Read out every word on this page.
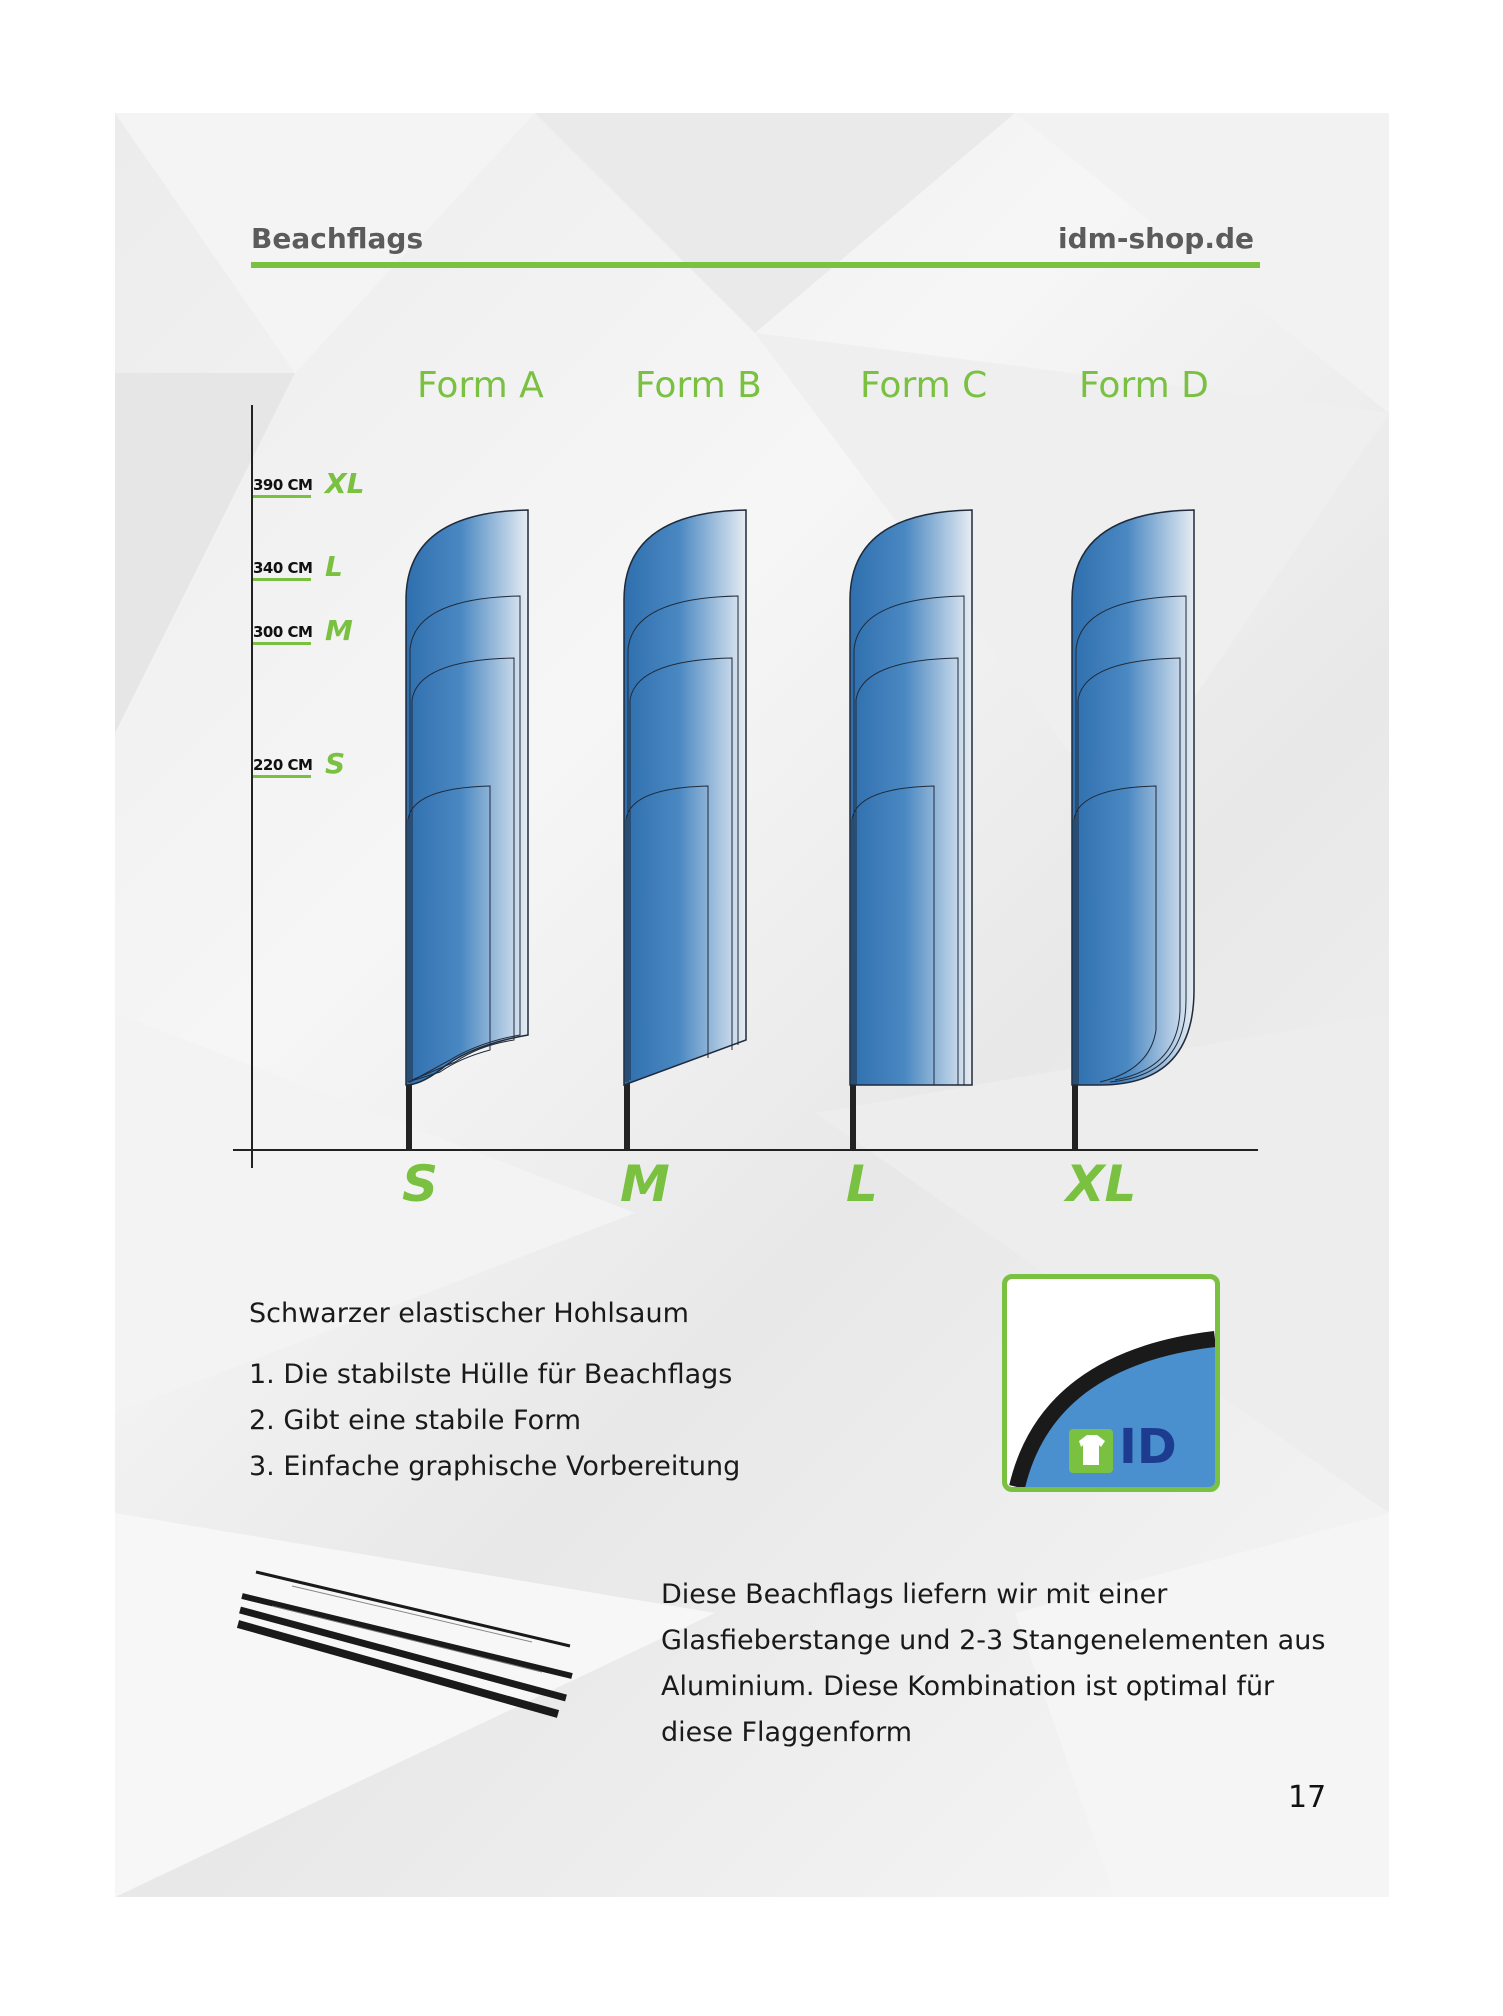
Beachflags	idm-shop.de
Form A	Form B	Form C	Form D
390 CM XL
340 CM L
300 CM M
220 CM S
S	M	L	XL
Schwarzer elastischer Hohlsaum
1. Die stabilste Hülle für Beachflags
2. Gibt eine stabile Form
3. Einfache graphische Vorbereitung	ID
Diese Beachflags liefern wir mit einer Glasfieberstange und 2-3 Stangenelementen aus Aluminium. Diese Kombination ist optimal für diese Flaggenform
17
